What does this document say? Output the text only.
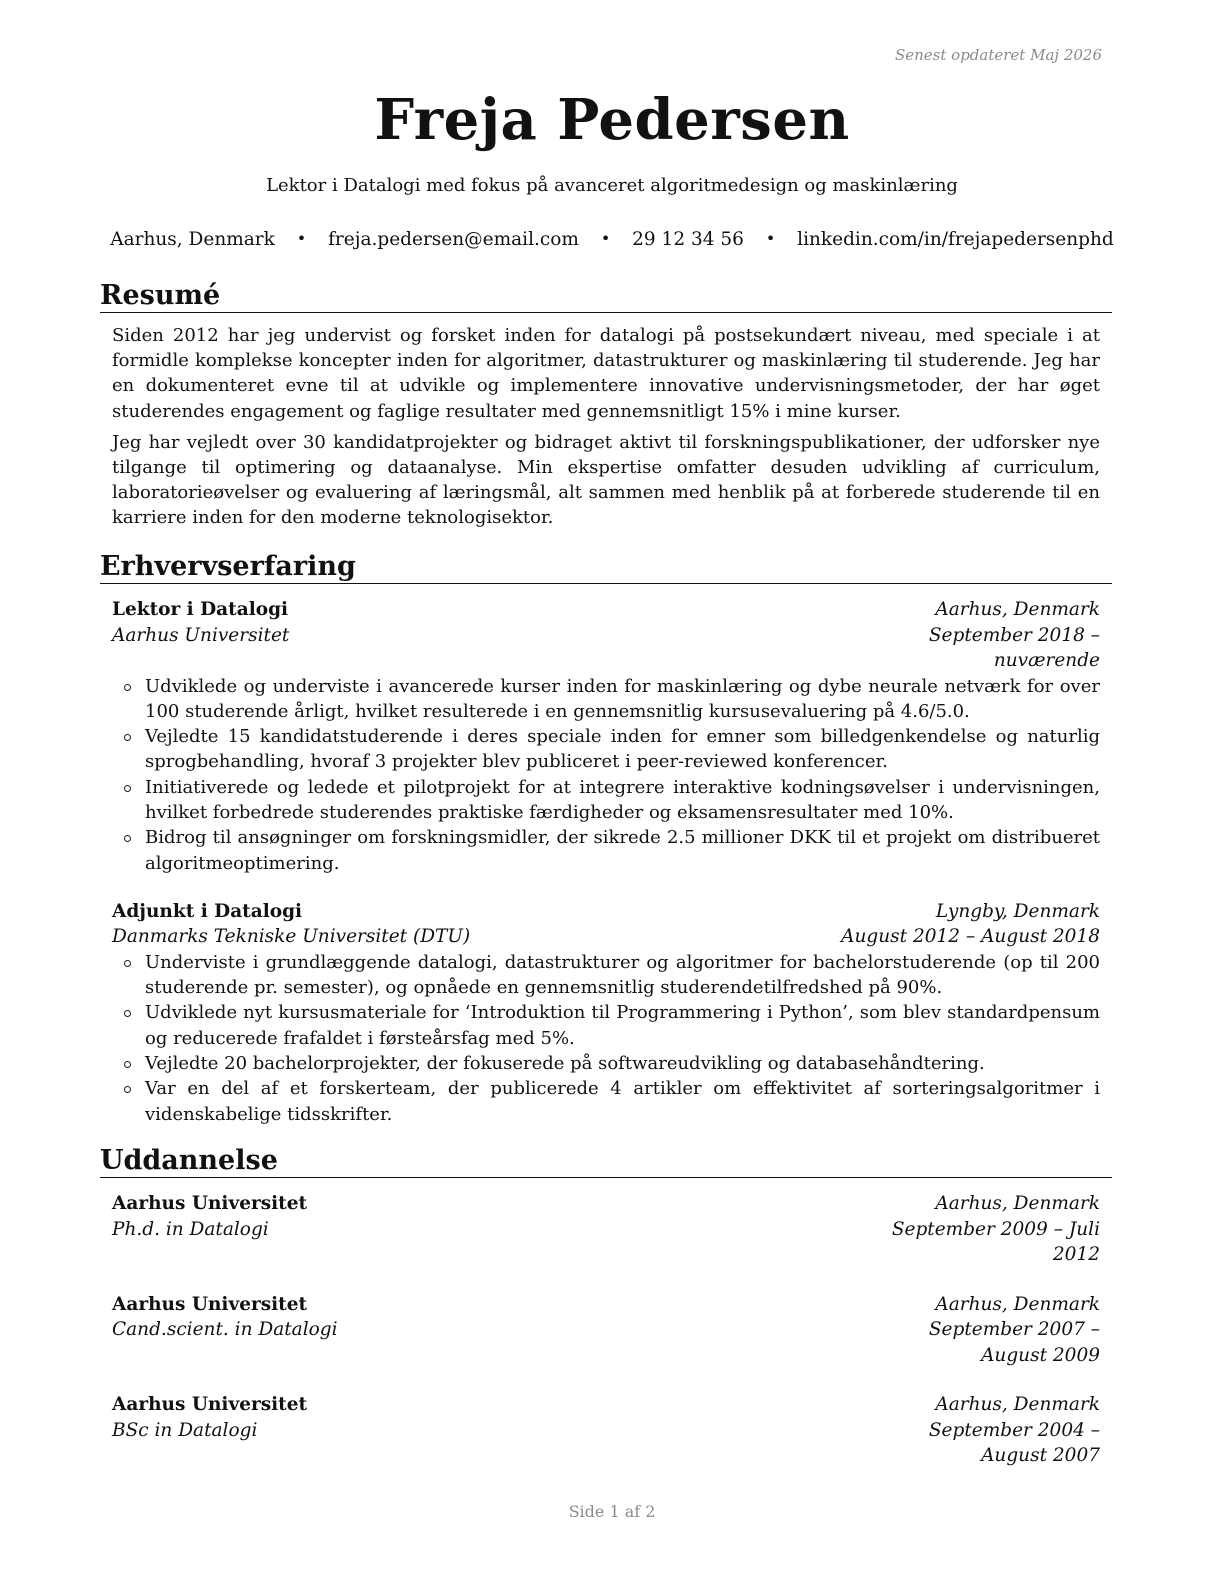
Senest opdateret Maj 2026
Freja Pedersen
Lektor i Datalogi med fokus på avanceret algoritmedesign og maskinlæring
Aarhus, Denmark • freja.pedersen@email.com • 29 12 34 56 • linkedin.com/in/frejapedersenphd
Resumé

Siden 2012 har jeg undervist og forsket inden for datalogi på postsekundært niveau, med speciale i at formidle komplekse koncepter inden for algoritmer, datastrukturer og maskinlæring til studerende. Jeg har en dokumenteret evne til at udvikle og implementere innovative undervisningsmetoder, der har øget studerendes engagement og faglige resultater med gennemsnitligt 15% i mine kurser.

Jeg har vejledt over 30 kandidatprojekter og bidraget aktivt til forskningspublikationer, der udforsker nye tilgange til optimering og dataanalyse. Min ekspertise omfatter desuden udvikling af curriculum, laboratorieøvelser og evaluering af læringsmål, alt sammen med henblik på at forberede studerende til en karriere inden for den moderne teknologisektor.

Erhvervserfaring
Lektor i Datalogi	Aarhus, Denmark
Aarhus Universitet	September 2018 – nuværende
Udviklede og underviste i avancerede kurser inden for maskinlæring og dybe neurale netværk for over 100 studerende årligt, hvilket resulterede i en gennemsnitlig kursusevaluering på 4.6/5.0.
Vejledte 15 kandidatstuderende i deres speciale inden for emner som billedgenkendelse og naturlig sprogbehandling, hvoraf 3 projekter blev publiceret i peer-reviewed konferencer.
Initiativerede og ledede et pilotprojekt for at integrere interaktive kodningsøvelser i undervisningen, hvilket forbedrede studerendes praktiske færdigheder og eksamensresultater med 10%.
Bidrog til ansøgninger om forskningsmidler, der sikrede 2.5 millioner DKK til et projekt om distribueret algoritmeoptimering.
Adjunkt i Datalogi	Lyngby, Denmark
Danmarks Tekniske Universitet (DTU)	August 2012 – August 2018
Underviste i grundlæggende datalogi, datastrukturer og algoritmer for bachelorstuderende (op til 200 studerende pr. semester), og opnåede en gennemsnitlig studerendetilfredshed på 90%.
Udviklede nyt kursusmateriale for ‘Introduktion til Programmering i Python’, som blev standardpensum og reducerede frafaldet i førsteårsfag med 5%.
Vejledte 20 bachelorprojekter, der fokuserede på softwareudvikling og databasehåndtering.
Var en del af et forskerteam, der publicerede 4 artikler om effektivitet af sorteringsalgoritmer i videnskabelige tidsskrifter.
Uddannelse
Aarhus Universitet	Aarhus, Denmark
Ph.d. in Datalogi	September 2009 – Juli 2012
Aarhus Universitet	Aarhus, Denmark
Cand.scient. in Datalogi	September 2007 – August 2009
Aarhus Universitet	Aarhus, Denmark
BSc in Datalogi	September 2004 – August 2007
Side 1 af 2
